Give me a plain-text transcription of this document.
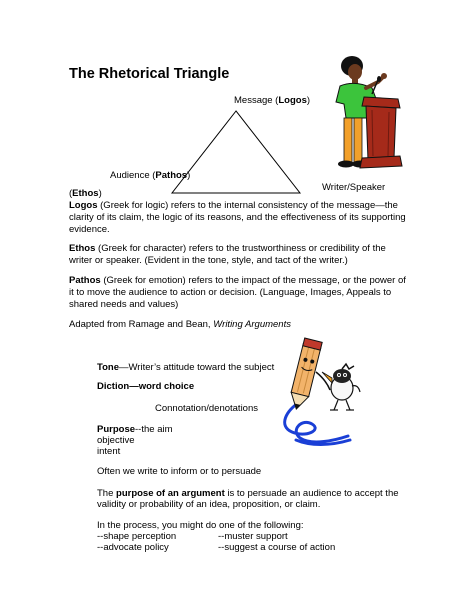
The Rhetorical Triangle
Message (Logos)
Audience (Pathos)
Writer/Speaker
(Ethos)
Logos (Greek for logic) refers to the internal consistency of the message—the
clarity of its claim, the logic of its reasons, and the effectiveness of its supporting
evidence.
Ethos (Greek for character) refers to the trustworthiness or credibility of the
writer or speaker. (Evident in the tone, style, and tact of the writer.)
Pathos (Greek for emotion) refers to the impact of the message, or the power of
it to move the audience to action or decision. (Language, Images, Appeals to
shared needs and values)
Adapted from Ramage and Bean, Writing Arguments
Tone—Writer’s attitude toward the subject
Diction—word choice
Connotation/denotations
Purpose--the aim
objective
intent
Often we write to inform or to persuade
The purpose of an argument is to persuade an audience to accept the
validity or probability of an idea, proposition, or claim.
In the process, you might do one of the following:
--shape perception	--muster support
--advocate policy	--suggest a course of action
